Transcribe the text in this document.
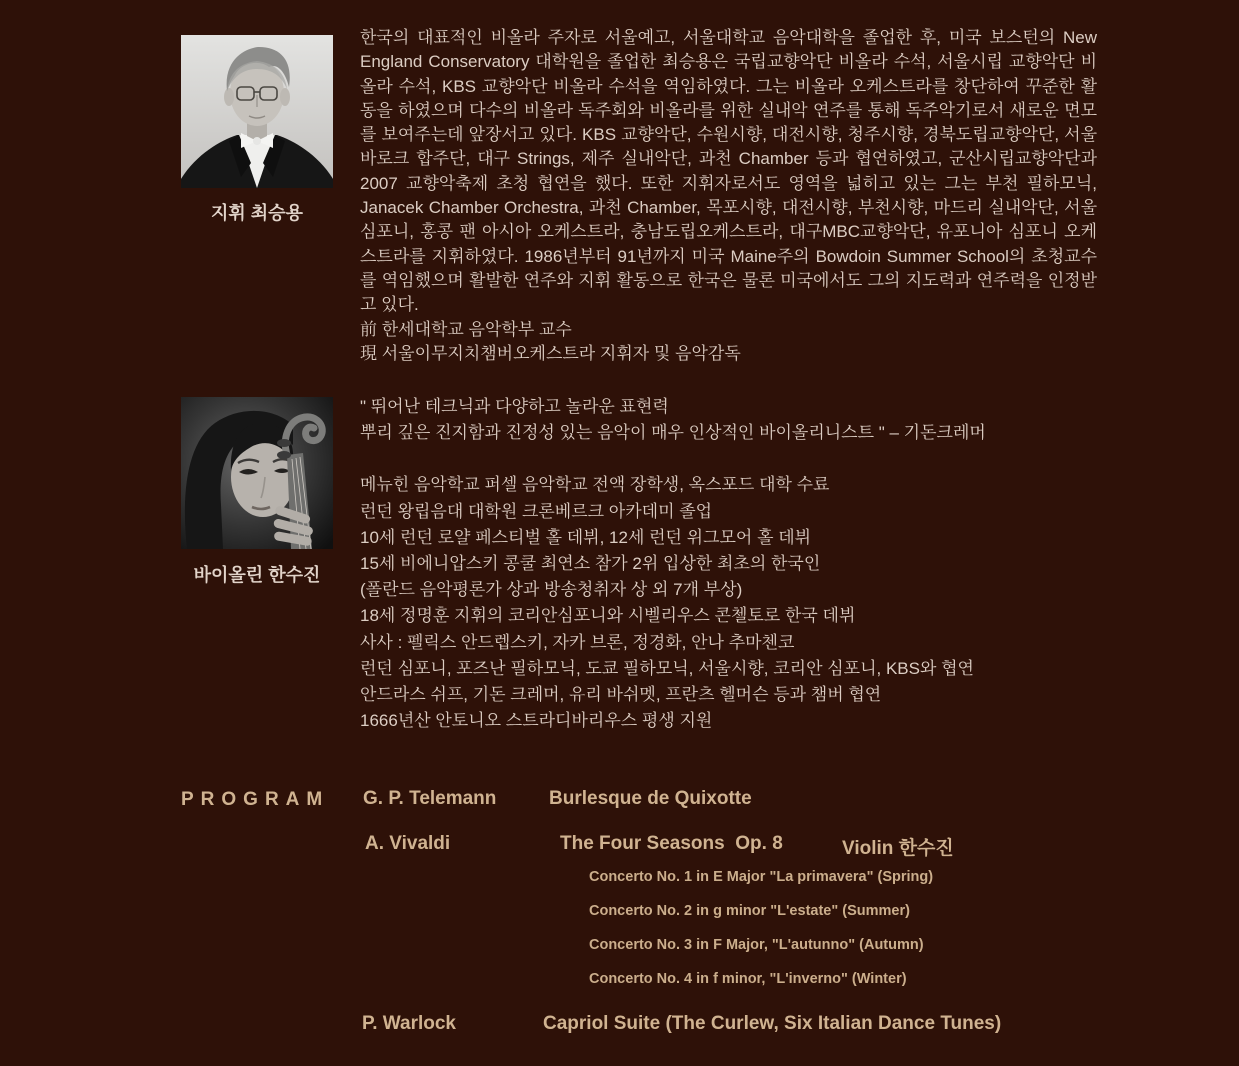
지휘 최승용

한국의 대표적인 비올라 주자로 서울예고, 서울대학교 음악대학을 졸업한 후, 미국 보스턴의 New England Conservatory 대학원을 졸업한 최승용은 국립교향악단 비올라 수석, 서울시립 교향악단 비올라 수석, KBS 교향악단 비올라 수석을 역임하였다. 그는 비올라 오케스트라를 창단하여 꾸준한 활동을 하였으며 다수의 비올라 독주회와 비올라를 위한 실내악 연주를 통해 독주악기로서 새로운 면모를 보여주는데 앞장서고 있다. KBS 교향악단, 수원시향, 대전시향, 청주시향, 경북도립교향악단, 서울 바로크 합주단, 대구 Strings, 제주 실내악단, 과천 Chamber 등과 협연하였고, 군산시립교향악단과 2007 교향악축제 초청 협연을 했다. 또한 지휘자로서도 영역을 넓히고 있는 그는 부천 필하모닉, Janacek Chamber Orchestra, 과천 Chamber, 목포시향, 대전시향, 부천시향, 마드리 실내악단, 서울 심포니, 홍콩 팬 아시아 오케스트라, 충남도립오케스트라, 대구MBC교향악단, 유포니아 심포니 오케스트라를 지휘하였다. 1986년부터 91년까지 미국 Maine주의 Bowdoin Summer School의 초청교수를 역임했으며 활발한 연주와 지휘 활동으로 한국은 물론 미국에서도 그의 지도력과 연주력을 인정받고 있다.

前 한세대학교 음악학부 교수
現 서울이무지치챔버오케스트라 지휘자 및 음악감독
바이올린 한수진
" 뛰어난 테크닉과 다양하고 놀라운 표현력
뿌리 깊은 진지함과 진정성 있는 음악이 매우 인상적인 바이올리니스트 " – 기돈크레머
메뉴힌 음악학교 퍼셀 음악학교 전액 장학생, 옥스포드 대학 수료
런던 왕립음대 대학원 크론베르크 아카데미 졸업
10세 런던 로얄 페스티벌 홀 데뷔, 12세 런던 위그모어 홀 데뷔
15세 비에니압스키 콩쿨 최연소 참가 2위 입상한 최초의 한국인
(폴란드 음악평론가 상과 방송청취자 상 외 7개 부상)
18세 정명훈 지휘의 코리안심포니와 시벨리우스 콘첼토로 한국 데뷔
사사 : 펠릭스 안드렙스키, 자카 브론, 정경화, 안나 추마첸코
런던 심포니, 포즈난 필하모닉, 도쿄 필하모닉, 서울시향, 코리안 심포니, KBS와 협연
안드라스 쉬프, 기돈 크레머, 유리 바쉬멧, 프란츠 헬머슨 등과 챔버 협연
1666년산 안토니오 스트라디바리우스 평생 지원
PROGRAM G. P. Telemann	Burlesque de Quixotte
A. Vivaldi	The Four Seasons  Op. 8	Violin 한수진
Concerto No. 1 in E Major "La primavera" (Spring)
Concerto No. 2 in g minor "L'estate" (Summer)
Concerto No. 3 in F Major, "L'autunno" (Autumn)
Concerto No. 4 in f minor, "L'inverno" (Winter)
P. Warlock	Capriol Suite (The Curlew, Six Italian Dance Tunes)
